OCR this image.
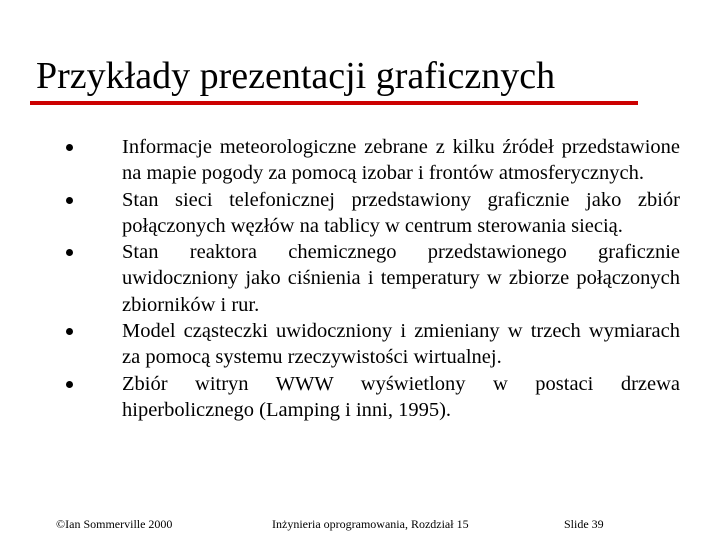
Przykłady prezentacji graficznych
Informacje meteorologiczne zebrane z kilku źródeł przedstawione na mapie pogody za pomocą izobar i frontów atmosferycznych.
Stan sieci telefonicznej przedstawiony graficznie jako zbiór połączonych węzłów na tablicy w centrum sterowania siecią.
Stan reaktora chemicznego przedstawionego graficznie uwidoczniony jako ciśnienia i temperatury w zbiorze połączonych zbiorników i rur.
Model cząsteczki uwidoczniony i zmieniany w trzech wymiarach za pomocą systemu rzeczywistości wirtualnej.
Zbiór witryn WWW wyświetlony w postaci drzewa hiperbolicznego (Lamping i inni, 1995).
©Ian Sommerville 2000	Inżynieria oprogramowania, Rozdział 15	Slide 39
